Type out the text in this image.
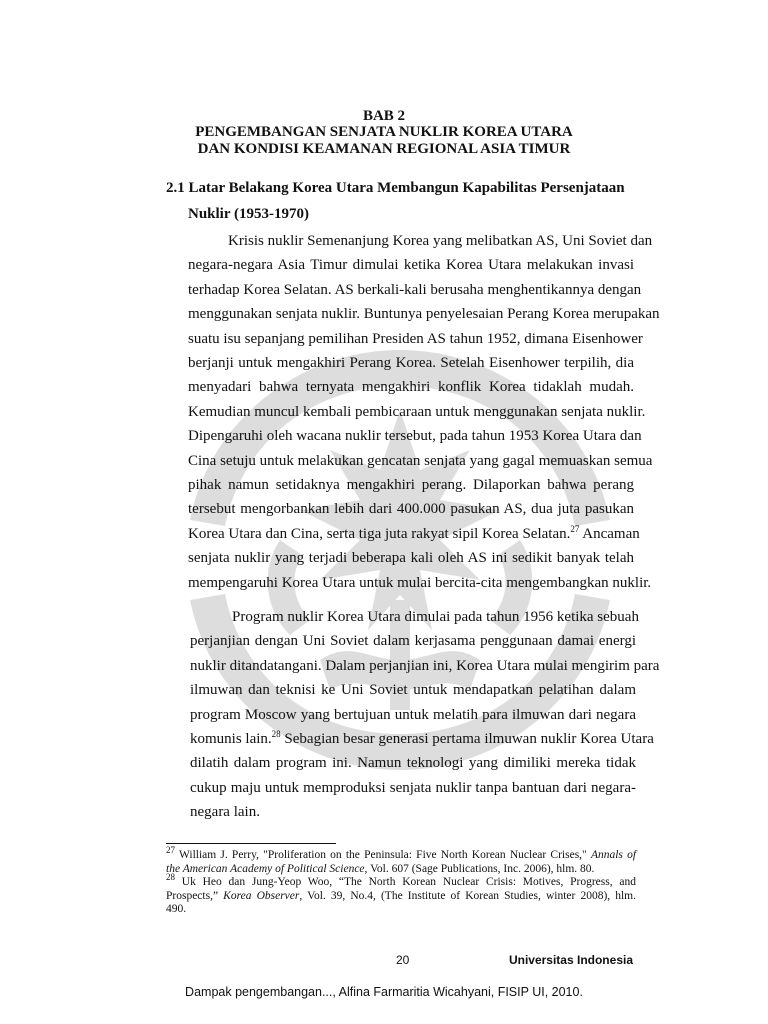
BAB 2
PENGEMBANGAN SENJATA NUKLIR KOREA UTARA
DAN KONDISI KEAMANAN REGIONAL ASIA TIMUR
2.1 Latar Belakang Korea Utara Membangun Kapabilitas Persenjataan
Nuklir (1953-1970)
Krisis nuklir Semenanjung Korea yang melibatkan AS, Uni Soviet dan
negara-negara Asia Timur dimulai ketika Korea Utara melakukan invasi
terhadap Korea Selatan. AS berkali-kali berusaha menghentikannya dengan
menggunakan senjata nuklir. Buntunya penyelesaian Perang Korea merupakan
suatu isu sepanjang pemilihan Presiden AS tahun 1952, dimana Eisenhower
berjanji untuk mengakhiri Perang Korea. Setelah Eisenhower terpilih, dia
menyadari bahwa ternyata mengakhiri konflik Korea tidaklah mudah.
Kemudian muncul kembali pembicaraan untuk menggunakan senjata nuklir.
Dipengaruhi oleh wacana nuklir tersebut, pada tahun 1953 Korea Utara dan
Cina setuju untuk melakukan gencatan senjata yang gagal memuaskan semua
pihak namun setidaknya mengakhiri perang. Dilaporkan bahwa perang
tersebut mengorbankan lebih dari 400.000 pasukan AS, dua juta pasukan
Korea Utara dan Cina, serta tiga juta rakyat sipil Korea Selatan.$^{27}$ Ancaman
senjata nuklir yang terjadi beberapa kali oleh AS ini sedikit banyak telah
mempengaruhi Korea Utara untuk mulai bercita-cita mengembangkan nuklir.
Program nuklir Korea Utara dimulai pada tahun 1956 ketika sebuah
perjanjian dengan Uni Soviet dalam kerjasama penggunaan damai energi
nuklir ditandatangani. Dalam perjanjian ini, Korea Utara mulai mengirim para
ilmuwan dan teknisi ke Uni Soviet untuk mendapatkan pelatihan dalam
program Moscow yang bertujuan untuk melatih para ilmuwan dari negara
komunis lain.$^{28}$ Sebagian besar generasi pertama ilmuwan nuklir Korea Utara
dilatih dalam program ini. Namun teknologi yang dimiliki mereka tidak
cukup maju untuk memproduksi senjata nuklir tanpa bantuan dari negara-
negara lain.
$^{27}$ William J. Perry, "Proliferation on the Peninsula: Five North Korean Nuclear Crises," Annals of
the American Academy of Political Science, Vol. 607 (Sage Publications, Inc. 2006), hlm. 80.
$^{28}$ Uk Heo dan Jung-Yeop Woo, “The North Korean Nuclear Crisis: Motives, Progress, and
Prospects,” Korea Observer, Vol. 39, No.4, (The Institute of Korean Studies, winter 2008), hlm.
490.
20	Universitas Indonesia
Dampak pengembangan..., Alfina Farmaritia Wicahyani, FISIP UI, 2010.
